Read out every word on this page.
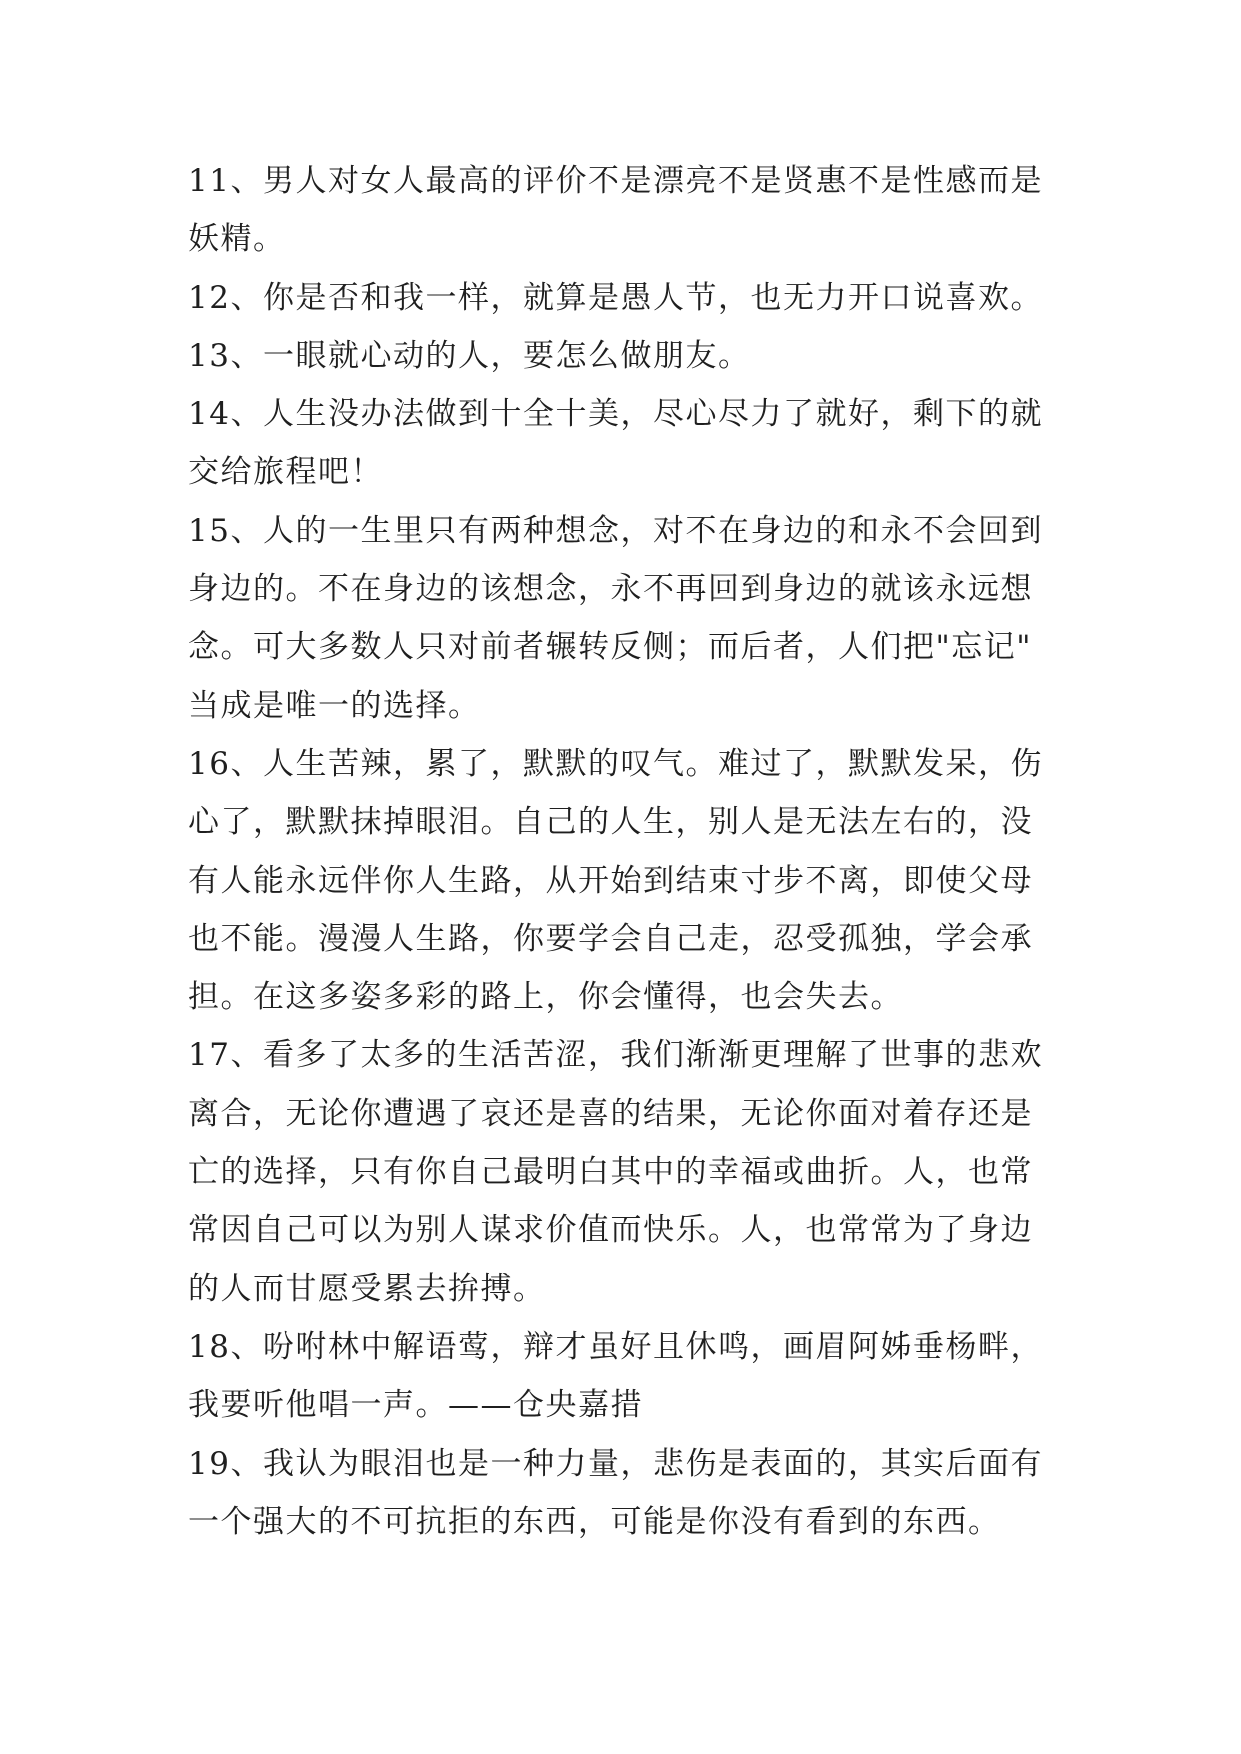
11、男人对女人最高的评价不是漂亮不是贤惠不是性感而是
妖精。
12、你是否和我一样，就算是愚人节，也无力开口说喜欢。
13、一眼就心动的人，要怎么做朋友。
14、人生没办法做到十全十美，尽心尽力了就好，剩下的就
交给旅程吧！
15、人的一生里只有两种想念，对不在身边的和永不会回到
身边的。不在身边的该想念，永不再回到身边的就该永远想
念。可大多数人只对前者辗转反侧；而后者，人们把"忘记"
当成是唯一的选择。
16、人生苦辣，累了，默默的叹气。难过了，默默发呆，伤
心了，默默抹掉眼泪。自己的人生，别人是无法左右的，没
有人能永远伴你人生路，从开始到结束寸步不离，即使父母
也不能。漫漫人生路，你要学会自己走，忍受孤独，学会承
担。在这多姿多彩的路上，你会懂得，也会失去。
17、看多了太多的生活苦涩，我们渐渐更理解了世事的悲欢
离合，无论你遭遇了哀还是喜的结果，无论你面对着存还是
亡的选择，只有你自己最明白其中的幸福或曲折。人，也常
常因自己可以为别人谋求价值而快乐。人，也常常为了身边
的人而甘愿受累去拚搏。
18、吩咐林中解语莺，辩才虽好且休鸣，画眉阿姊垂杨畔，
我要听他唱一声。——仓央嘉措
19、我认为眼泪也是一种力量，悲伤是表面的，其实后面有
一个强大的不可抗拒的东西，可能是你没有看到的东西。
